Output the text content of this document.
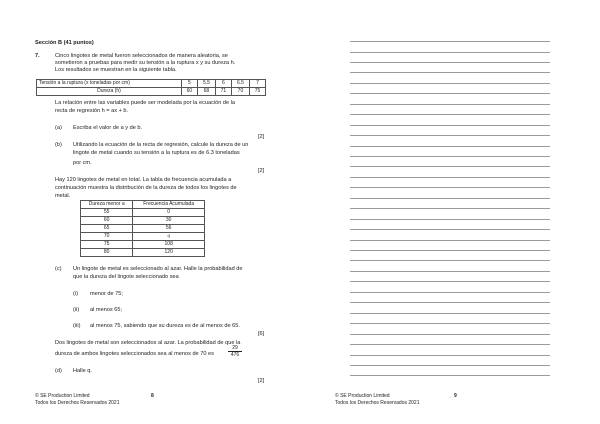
Sección B (41 puntos)
7.	Cinco lingotes de metal fueron seleccionados de manera aleatoria, se
sometieron a pruebas para medir su tensión a la ruptura x y su dureza h.
Los resultados se muestran en la siguiente tabla.
Tensión a la ruptura (x toneladas por cm)	5	5.5	6	6.5	7
Dureza (h)	60	68	71	70	75
La relación entre las variables puede ser modelada por la ecuación de la
recta de regresión h = ax + b.
(a) Escriba el valor de a y de b.
[2]
(b) Utilizando la ecuación de la recta de regresión, calcule la dureza de un
lingote de metal cuando su tensión a la ruptura es de 6.3 toneladas
por cm.
[2]
Hay 120 lingotes de metal en total. La tabla de frecuencia acumulada a
continuación muestra la distribución de la dureza de todos los lingotes de
metal.
Dureza menor a	Frecuencia Acumulada
55	0
60	30
65	56
70	q
75	108
80	120
(c) Un lingote de metal es seleccionado al azar. Halle la probabilidad de
que la dureza del lingote seleccionado sea
(i) menor de 75;
(ii) al menos 65;
(iii) al menos 75, sabiendo que su dureza es de al menos de 65.
[6]
Dos lingotes de metal son seleccionados al azar. La probabilidad de que la
dureza de ambos lingotes seleccionados sea al menos de 70 es
29
476
(d) Halle q.
[2]
© SE Production Limited
Todos los Derechos Reservados 2021
8	© SE Production Limited
Todos los Derechos Reservados 2021
9
